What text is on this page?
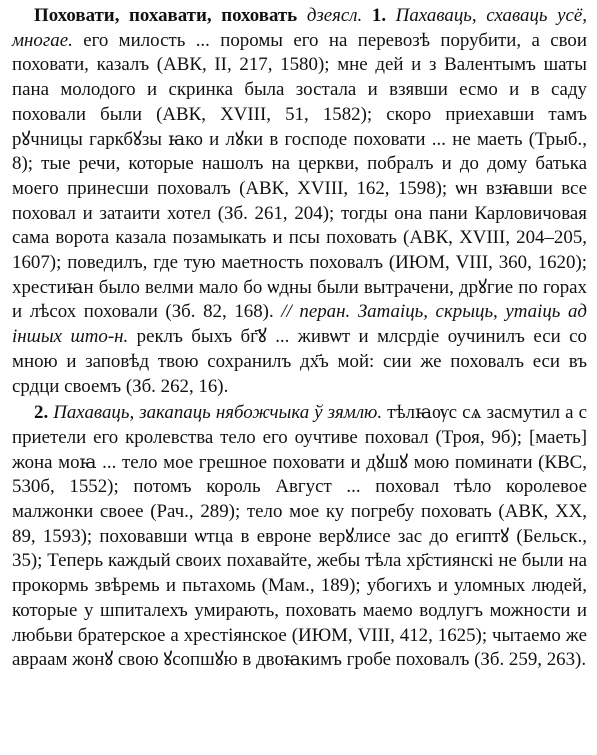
Поховати, похавати, поховать дзеясл. 1. Пахаваць, схаваць усё, многае. его милость ... поромы его на перевозѣ порубити, а свои поховати, казалъ (АВК, II, 217, 1580); мне дей и з Валентымъ шаты пана молодого и скринка была зостала и взявши есмо и в саду поховали были (АВК, XVIII, 51, 1582); скоро приехавши тамъ рꙋчницы гаркбꙋзы ꙗко и лꙋки в господе поховати ... не маеть (Трыб., 8); тые речи, которые нашолъ на церкви, побралъ и до дому батька моего принесши поховалъ (АВК, XVIII, 162, 1598); ѡн взꙗвши все поховал и затаити хотел (Зб. 261, 204); тогды она пани Карловичовая сама ворота казала позамыкать и псы поховать (АВК, XVIII, 204–205, 1607); поведилъ, где тую маетность поховалъ (ИЮМ, VIII, 360, 1620); хрестиꙗн было велми мало бо ѡдны были вытрачени, дрꙋгие по горах и лѣсох поховали (Зб. 82, 168). // перан. Затаіць, скрыць, утаіць ад іншых што-н. реклъ быхъ бг҃ꙋ ... живѡт и млсрдіе оучинилъ еси со мною и заповѣд твою сохранилъ дх҃ъ мой: сии же поховалъ еси въ срдци своемъ (Зб. 262, 16).

2. Пахаваць, закапаць нябожчыка ў зямлю. тѣлꙗѹс сѧ засмутил а с приетели его кролевства тело его оучтиве поховал (Троя, 9б); [маеть] жона моꙗ ... тело мое грешное поховати и дꙋшꙋ мою поминати (КВС, 530б, 1552); потомъ король Август ... поховал тѣло королевое малжонки своее (Рач., 289); тело мое ку погребу поховать (АВК, XX, 89, 1593); поховавши ѡтца в евроне верꙋлисе зас до египтꙋ (Бельск., 35); Теперь каждый своих похавайте, жебы тѣла хр҃стиянскі не были на прокормь звѣремь и пьтахомь (Мам., 189); убогихъ и уломных людей, которые у шпиталехъ умирають, поховать маемо водлугъ можности и любьви братерское а хрестіянское (ИЮМ, VIII, 412, 1625); чытаемо же авраам жонꙋ свою ꙋсопшꙋю в двоꙗкимъ гробе поховалъ (Зб. 259, 263).
